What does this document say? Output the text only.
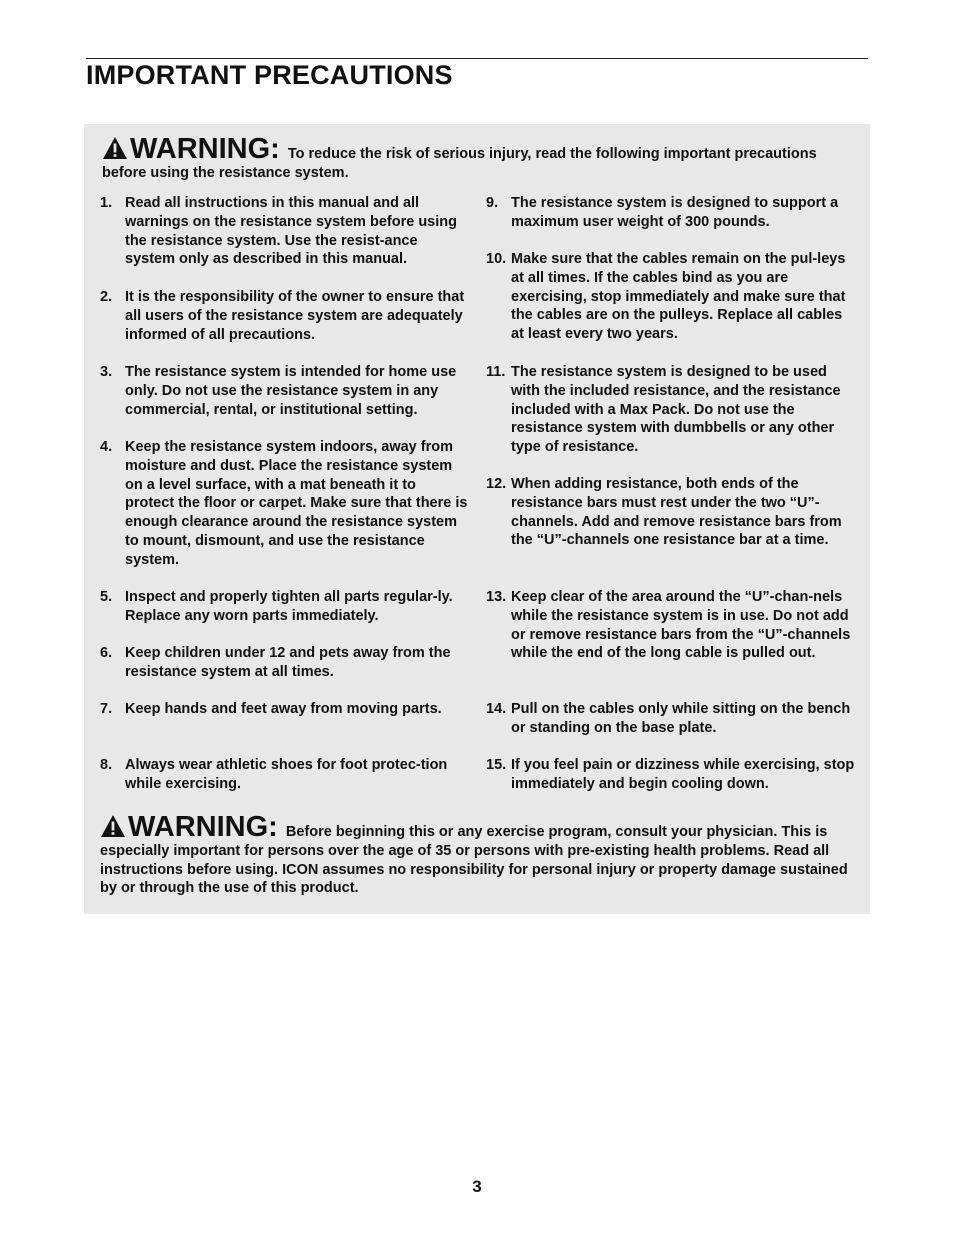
IMPORTANT PRECAUTIONS
WARNING: To reduce the risk of serious injury, read the following important precautions before using the resistance system.
1. Read all instructions in this manual and all warnings on the resistance system before using the resistance system. Use the resist-ance system only as described in this manual.
2. It is the responsibility of the owner to ensure that all users of the resistance system are adequately informed of all precautions.
3. The resistance system is intended for home use only. Do not use the resistance system in any commercial, rental, or institutional setting.
4. Keep the resistance system indoors, away from moisture and dust. Place the resistance system on a level surface, with a mat beneath it to protect the floor or carpet. Make sure that there is enough clearance around the resistance system to mount, dismount, and use the resistance system.
5. Inspect and properly tighten all parts regular-ly. Replace any worn parts immediately.
6. Keep children under 12 and pets away from the resistance system at all times.
7. Keep hands and feet away from moving parts.
8. Always wear athletic shoes for foot protec-tion while exercising.
9. The resistance system is designed to support a maximum user weight of 300 pounds.
10. Make sure that the cables remain on the pul-leys at all times. If the cables bind as you are exercising, stop immediately and make sure that the cables are on the pulleys. Replace all cables at least every two years.
11. The resistance system is designed to be used with the included resistance, and the resistance included with a Max Pack. Do not use the resistance system with dumbbells or any other type of resistance.
12. When adding resistance, both ends of the resistance bars must rest under the two “U”-channels. Add and remove resistance bars from the “U”-channels one resistance bar at a time.
13. Keep clear of the area around the “U”-chan-nels while the resistance system is in use. Do not add or remove resistance bars from the “U”-channels while the end of the long cable is pulled out.
14. Pull on the cables only while sitting on the bench or standing on the base plate.
15. If you feel pain or dizziness while exercising, stop immediately and begin cooling down.
WARNING: Before beginning this or any exercise program, consult your physician. This is especially important for persons over the age of 35 or persons with pre-existing health problems. Read all instructions before using. ICON assumes no responsibility for personal injury or property damage sustained by or through the use of this product.
3
